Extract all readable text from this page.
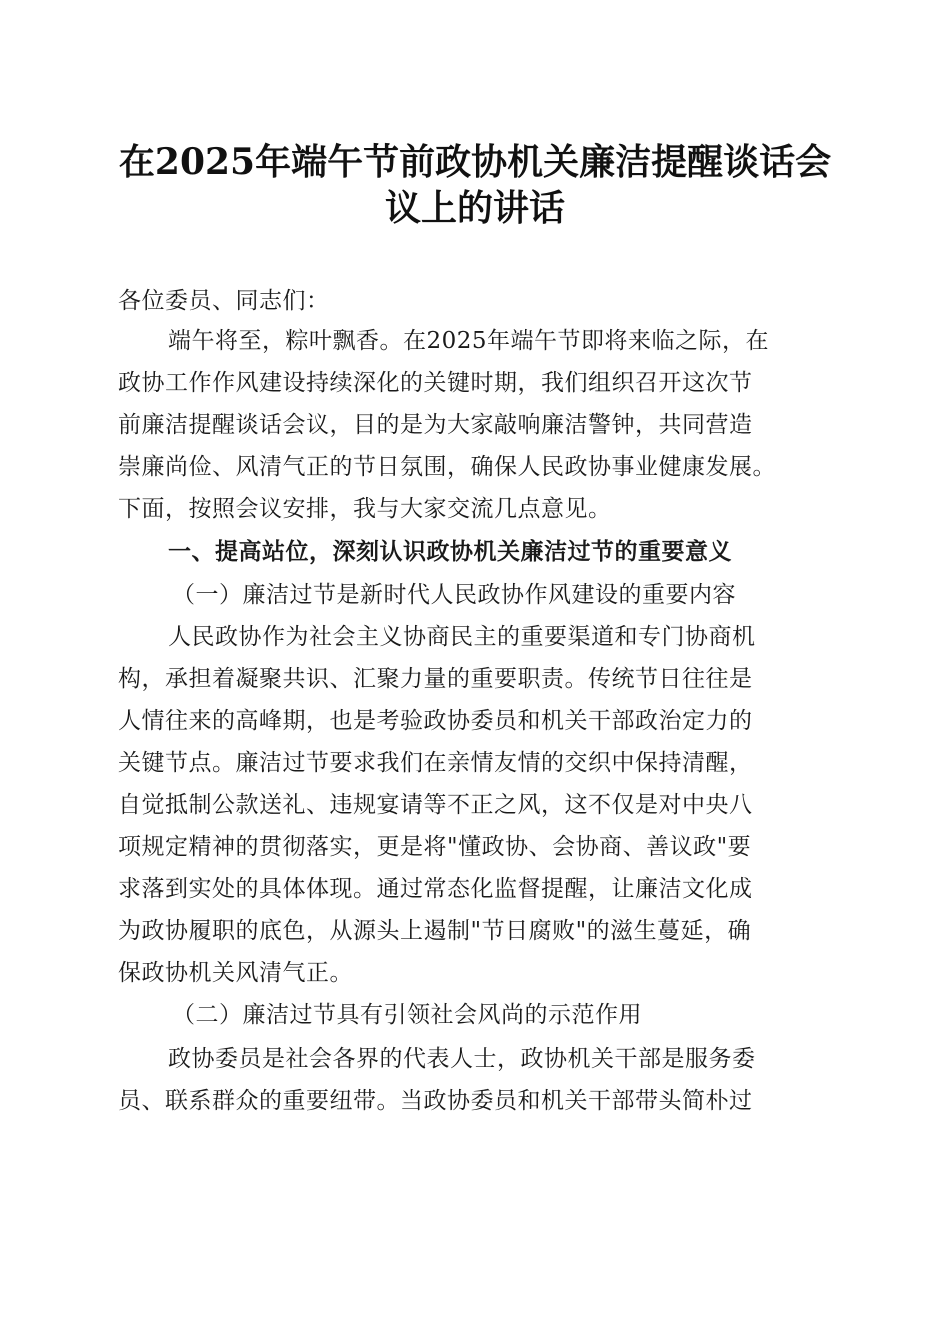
在2025年端午节前政协机关廉洁提醒谈话会
议上的讲话

各位委员、同志们：

端午将至，粽叶飘香。在2025年端午节即将来临之际，在

政协工作作风建设持续深化的关键时期，我们组织召开这次节

前廉洁提醒谈话会议，目的是为大家敲响廉洁警钟，共同营造

崇廉尚俭、风清气正的节日氛围，确保人民政协事业健康发展。

下面，按照会议安排，我与大家交流几点意见。

一、提高站位，深刻认识政协机关廉洁过节的重要意义

（一）廉洁过节是新时代人民政协作风建设的重要内容

人民政协作为社会主义协商民主的重要渠道和专门协商机

构，承担着凝聚共识、汇聚力量的重要职责。传统节日往往是

人情往来的高峰期，也是考验政协委员和机关干部政治定力的

关键节点。廉洁过节要求我们在亲情友情的交织中保持清醒，

自觉抵制公款送礼、违规宴请等不正之风，这不仅是对中央八

项规定精神的贯彻落实，更是将"懂政协、会协商、善议政"要

求落到实处的具体体现。通过常态化监督提醒，让廉洁文化成

为政协履职的底色，从源头上遏制"节日腐败"的滋生蔓延，确

保政协机关风清气正。

（二）廉洁过节具有引领社会风尚的示范作用

政协委员是社会各界的代表人士，政协机关干部是服务委

员、联系群众的重要纽带。当政协委员和机关干部带头简朴过
